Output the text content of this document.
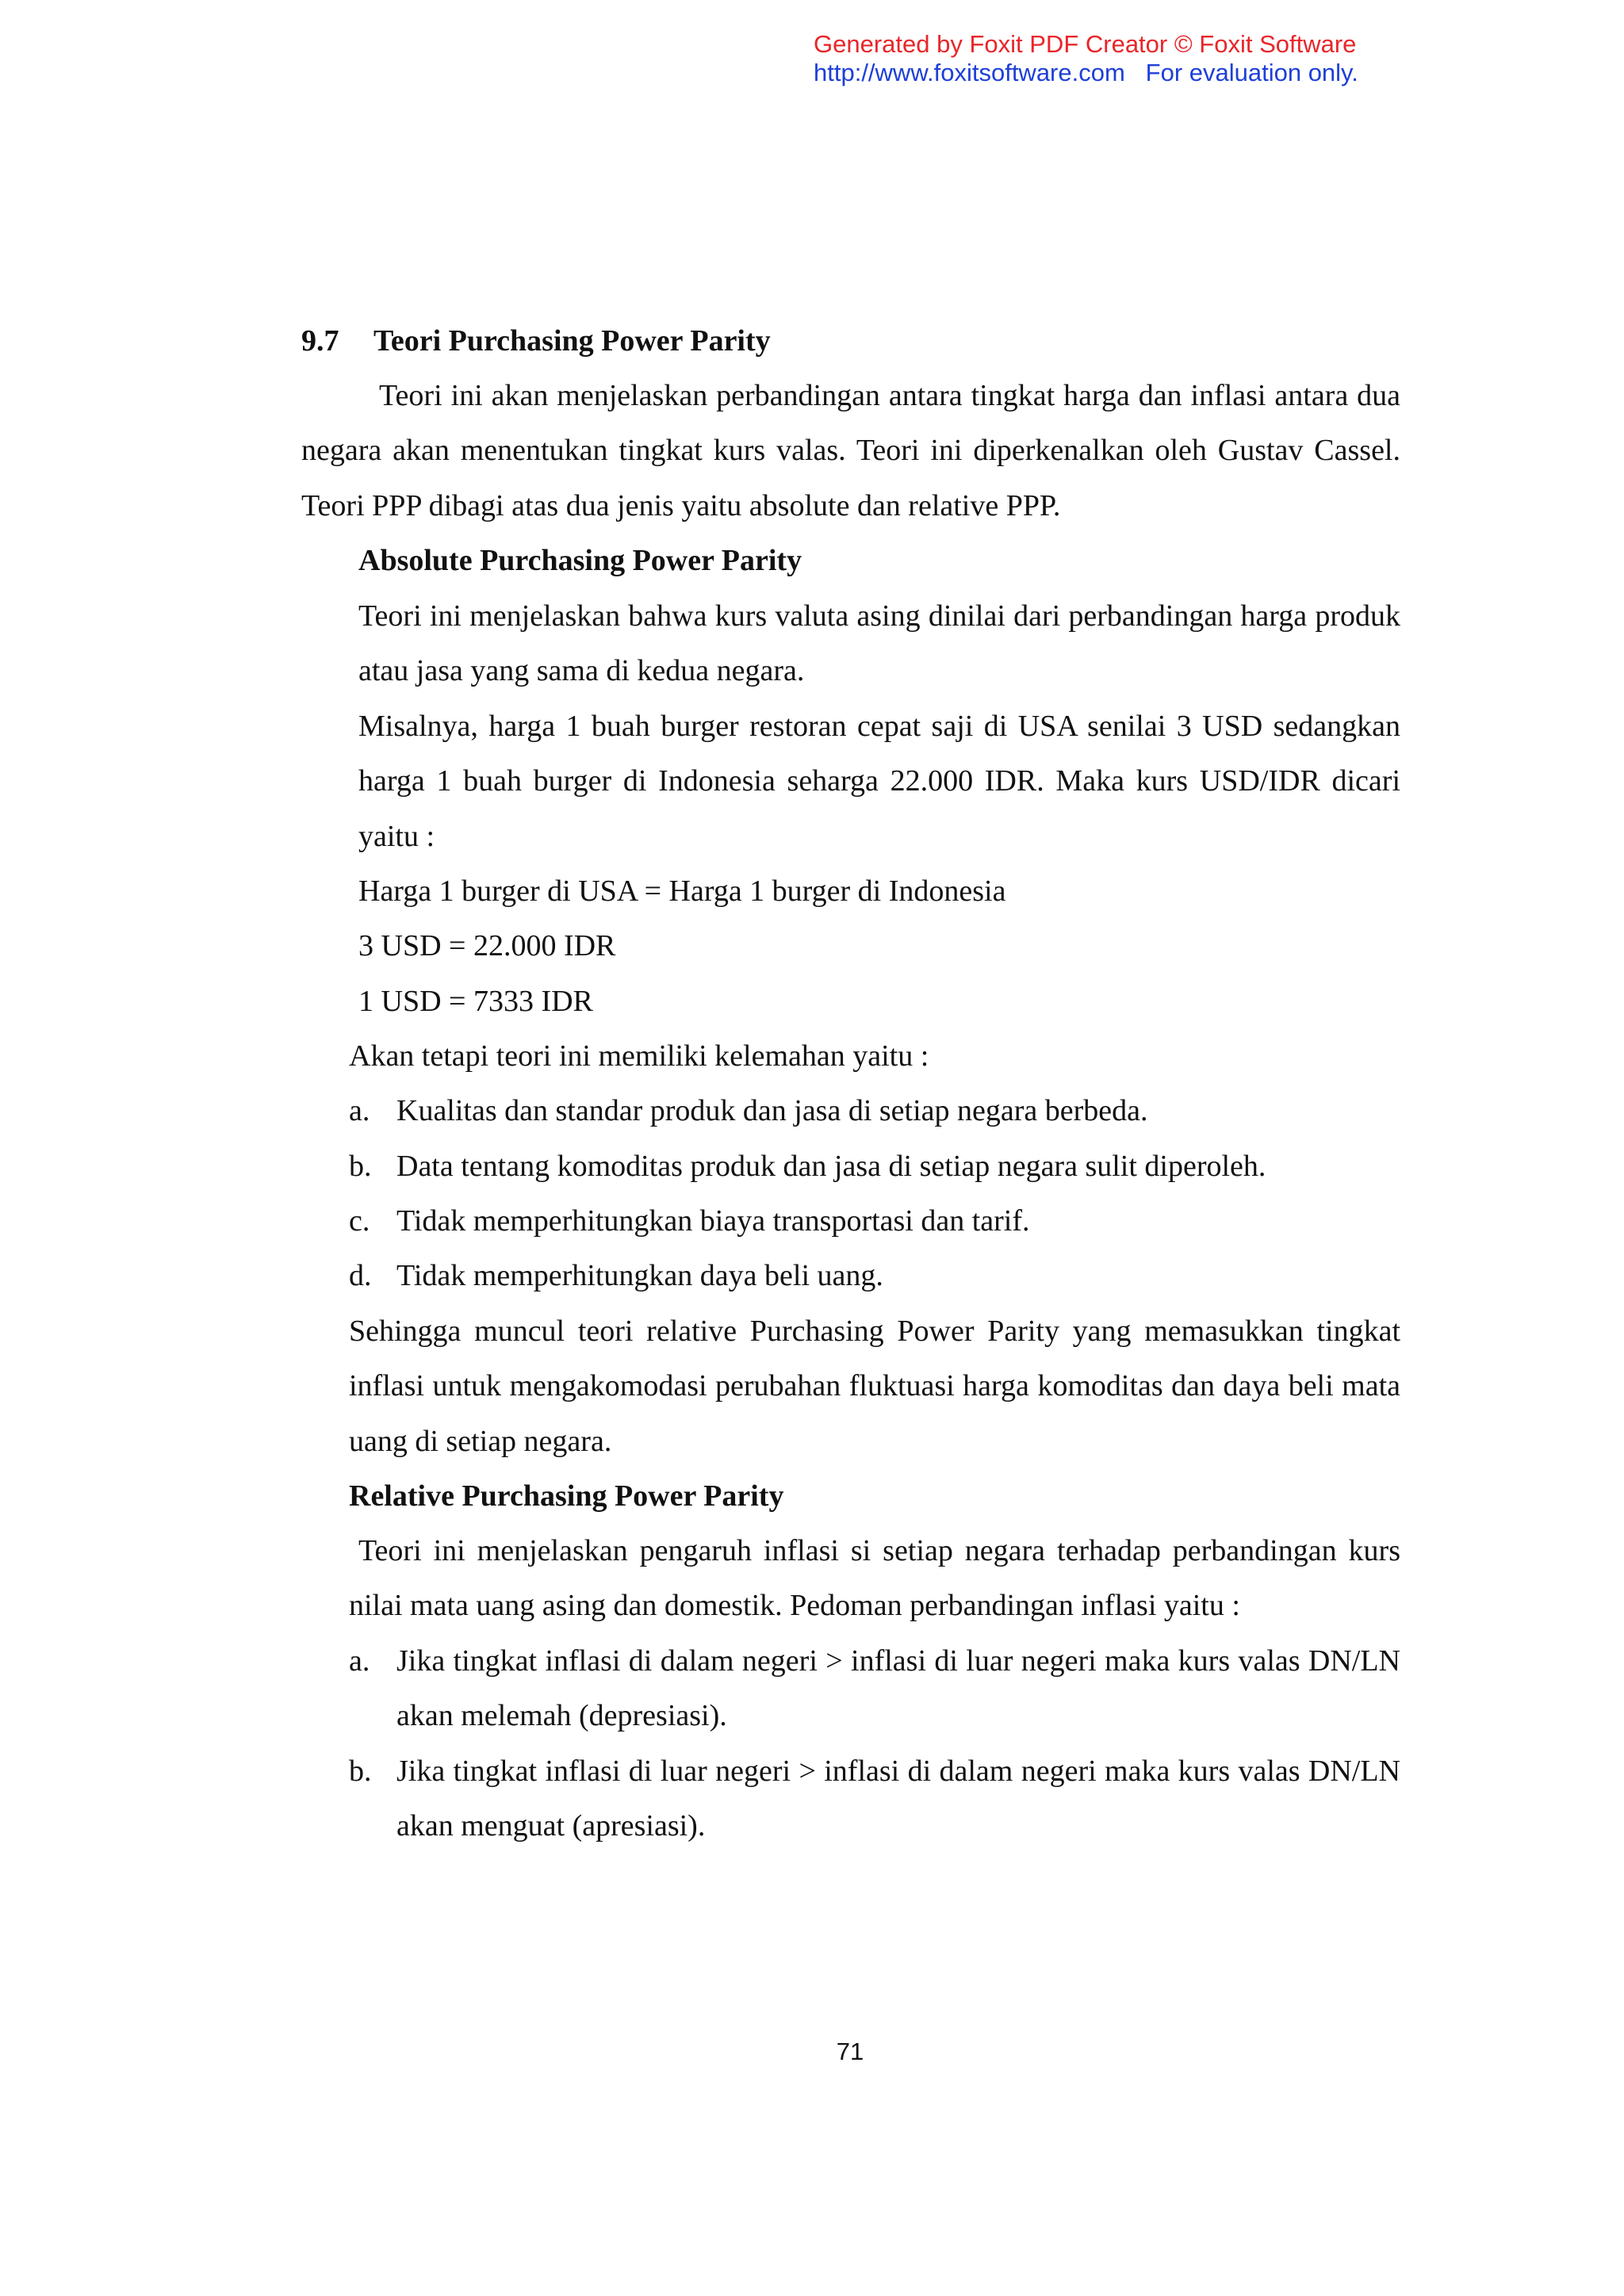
Generated by Foxit PDF Creator © Foxit Software
http://www.foxitsoftware.com   For evaluation only.
9.7 Teori Purchasing Power Parity
Teori ini akan menjelaskan perbandingan antara tingkat harga dan inflasi antara dua negara akan menentukan tingkat kurs valas. Teori ini diperkenalkan oleh Gustav Cassel. Teori PPP dibagi atas dua jenis yaitu absolute dan relative PPP.
Absolute Purchasing Power Parity
Teori ini menjelaskan bahwa kurs valuta asing dinilai dari perbandingan harga produk atau jasa yang sama di kedua negara.
Misalnya, harga 1 buah burger restoran cepat saji di USA senilai 3 USD sedangkan harga 1 buah burger di Indonesia seharga 22.000 IDR. Maka kurs USD/IDR dicari yaitu :
Harga 1 burger di USA = Harga 1 burger di Indonesia
3 USD = 22.000 IDR
1 USD = 7333 IDR
Akan tetapi teori ini memiliki kelemahan yaitu :
a. Kualitas dan standar produk dan jasa di setiap negara berbeda.
b. Data tentang komoditas produk dan jasa di setiap negara sulit diperoleh.
c. Tidak memperhitungkan biaya transportasi dan tarif.
d. Tidak memperhitungkan daya beli uang.
Sehingga muncul teori relative Purchasing Power Parity yang memasukkan tingkat inflasi untuk mengakomodasi perubahan fluktuasi harga komoditas dan daya beli mata uang di setiap negara.
Relative Purchasing Power Parity
Teori ini menjelaskan pengaruh inflasi si setiap negara terhadap perbandingan kurs nilai mata uang asing dan domestik. Pedoman perbandingan inflasi yaitu :
a. Jika tingkat inflasi di dalam negeri > inflasi di luar negeri maka kurs valas DN/LN akan melemah (depresiasi).
b. Jika tingkat inflasi di luar negeri > inflasi di dalam negeri maka kurs valas DN/LN akan menguat (apresiasi).
71
